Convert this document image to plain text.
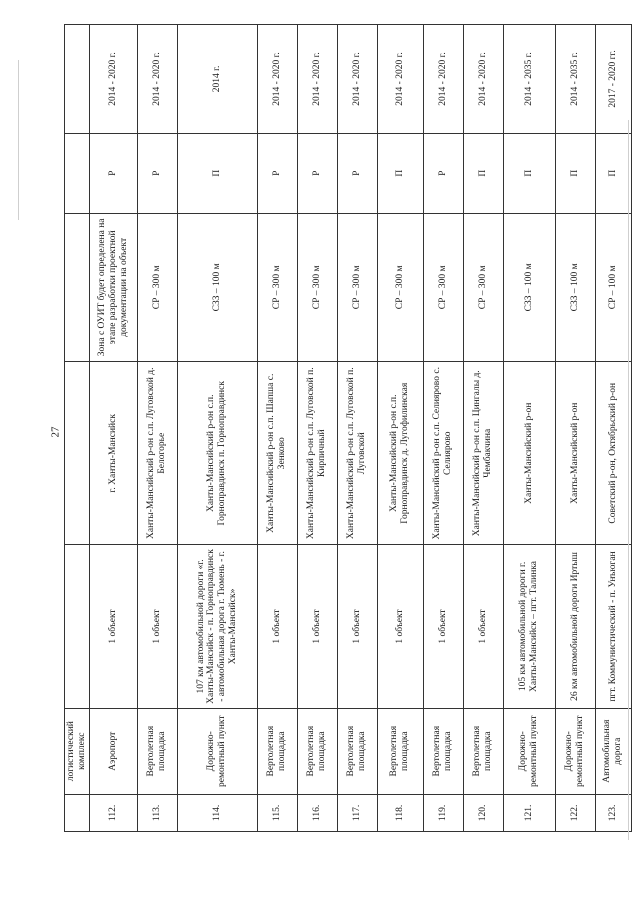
27
	логистический комплекс					
112.	Аэропорт	1 объект	г. Ханты-Мансийск	Зона с ОУИТ будет определена на этапе разработки проектной документации на объект	Р	2014 - 2020 г.
113.	Вертолетная площадка	1 объект	Ханты-Мансийский р-он с.п. Луговской д. Белогорье	СР – 300 м	Р	2014 - 2020 г.
114.	Дорожно-ремонтный пункт	107 км автомобильной дороги «г. Ханты-Мансийск - п. Горноправдинск - автомобильная дорога г. Тюмень - г. Ханты-Мансийск»	Ханты-Мансийский р-он с.п. Горноправдинск п. Горноправдинск	СЗЗ – 100 м	П	2014 г.
115.	Вертолетная площадка	1 объект	Ханты-Мансийский р-он с.п. Шапша с. Зенково	СР – 300 м	Р	2014 - 2020 г.
116.	Вертолетная площадка	1 объект	Ханты-Мансийский р-он с.п. Луговской п. Кирпичный	СР – 300 м	Р	2014 - 2020 г.
117.	Вертолетная площадка	1 объект	Ханты-Мансийский р-он с.п. Луговской п. Луговской	СР – 300 м	Р	2014 - 2020 г.
118.	Вертолетная площадка	1 объект	Ханты-Мансийский р-он с.п. Горноправдинск д. Лугофилинская	СР – 300 м	П	2014 - 2020 г.
119.	Вертолетная площадка	1 объект	Ханты-Мансийский р-он с.п. Селиярово с. Селиярово	СР – 300 м	Р	2014 - 2020 г.
120.	Вертолетная площадка	1 объект	Ханты-Мансийский р-он с.п. Цингалы д. Чембакчина	СР – 300 м	П	2014 - 2020 г.
121.	Дорожно-ремонтный пункт	105 км автомобильной дороги г. Ханты-Мансийск – пгт. Талинка	Ханты-Мансийский р-он	СЗЗ – 100 м	П	2014 - 2035 г.
122.	Дорожно-ремонтный пункт	26 км автомобильной дороги Иртыш	Ханты-Мансийский р-он	СЗЗ – 100 м	П	2014 - 2035 г.
123.	Автомобильная дорога	пгт. Коммунистический - п. Унъюган	Советский р-он, Октябрьский р-он	СР – 100 м	П	2017 - 2020 гг.
